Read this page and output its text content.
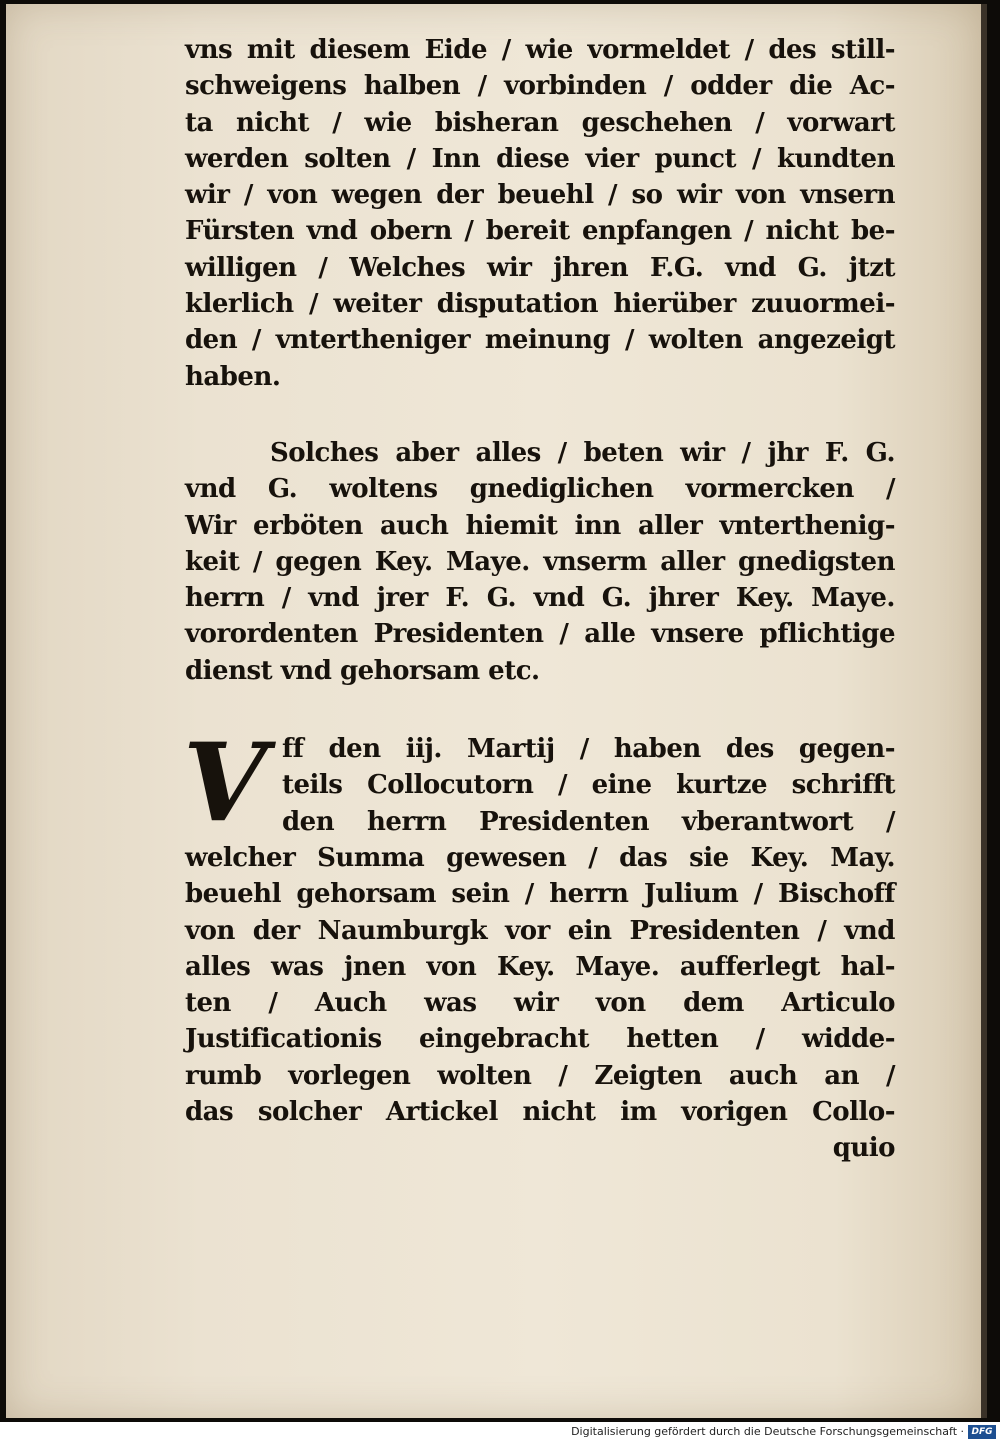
vns mit diesem Eide / wie vormeldet / des still-
schweigens halben / vorbinden / odder die Ac-
ta nicht / wie bisheran geschehen / vorwart
werden solten / Inn diese vier punct / kundten
wir / von wegen der beuehl / so wir von vnsern
Fürsten vnd obern / bereit enpfangen / nicht be-
willigen / Welches wir jhren F.G. vnd G. jtzt
klerlich / weiter disputation hierüber zuuormei-
den / vntertheniger meinung / wolten angezeigt
haben.
Solches aber alles / beten wir / jhr F. G.
vnd G. woltens gnediglichen vormercken /
Wir erböten auch hiemit inn aller vnterthenig-
keit / gegen Key. Maye. vnserm aller gnedigsten
herrn / vnd jrer F. G. vnd G. jhrer Key. Maye.
vorordenten Presidenten / alle vnsere pflichtige
dienst vnd gehorsam etc.
V ff den iij. Martij / haben des gegen-
teils Collocutorn / eine kurtze schrifft
den herrn Presidenten vberantwort /
welcher Summa gewesen / das sie Key. May.
beuehl gehorsam sein / herrn Julium / Bischoff
von der Naumburgk vor ein Presidenten / vnd
alles was jnen von Key. Maye. aufferlegt hal-
ten / Auch was wir von dem Articulo
Justificationis eingebracht hetten / widde-
rumb vorlegen wolten / Zeigten auch an /
das solcher Artickel nicht im vorigen Collo-
quio
Digitalisierung gefördert durch die Deutsche Forschungsgemeinschaft · DFG
